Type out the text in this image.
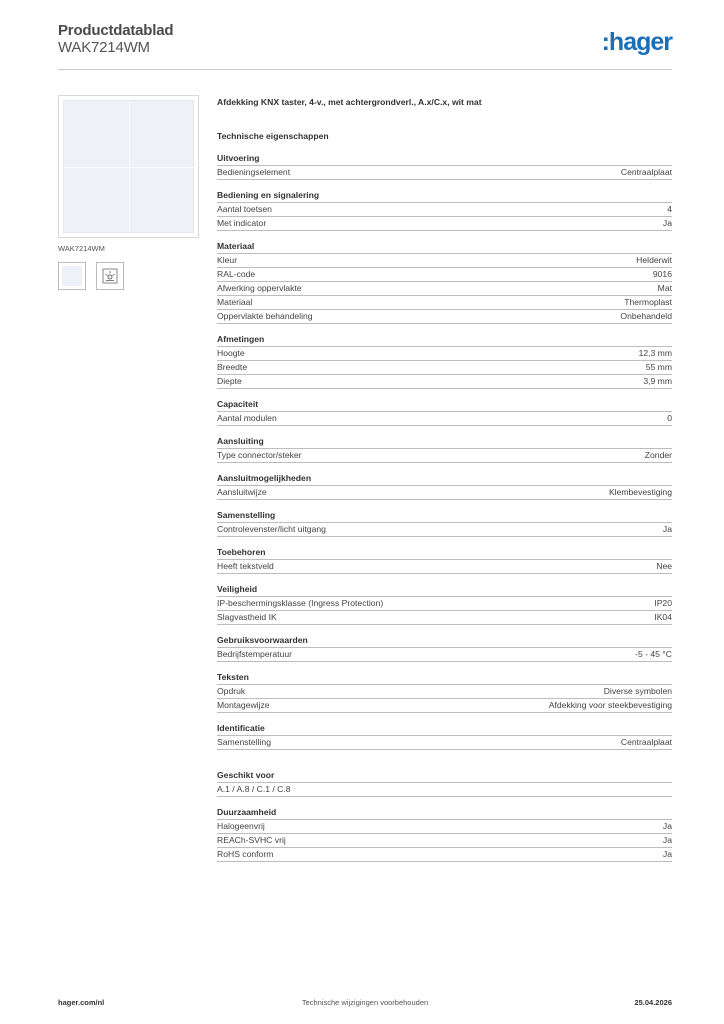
Productdatablad
WAK7214WM	:hager
WAK7214WM
Afdekking KNX taster, 4-v., met achtergrondverl., A.x/C.x, wit mat
Technische eigenschappen
Uitvoering
Bedieningselement	Centraalplaat
Bediening en signalering
Aantal toetsen	4
Met indicator	Ja
Materiaal
Kleur	Helderwit
RAL-code	9016
Afwerking oppervlakte	Mat
Materiaal	Thermoplast
Oppervlakte behandeling	Onbehandeld
Afmetingen
Hoogte	12,3 mm
Breedte	55 mm
Diepte	3,9 mm
Capaciteit
Aantal modulen	0
Aansluiting
Type connector/steker	Zonder
Aansluitmogelijkheden
Aansluitwijze	Klembevestiging
Samenstelling
Controlevenster/licht uitgang	Ja
Toebehoren
Heeft tekstveld	Nee
Veiligheid
IP-beschermingsklasse (Ingress Protection)	IP20
Slagvastheid IK	IK04
Gebruiksvoorwaarden
Bedrijfstemperatuur	-5 - 45 °C
Teksten
Opdruk	Diverse symbolen
Montagewijze	Afdekking voor steekbevestiging
Identificatie
Samenstelling	Centraalplaat
Geschikt voor
A.1 / A.8 / C.1 / C.8
Duurzaamheid
Halogeenvrij	Ja
REACh-SVHC vrij	Ja
RoHS conform	Ja
hager.com/nl	Technische wijzigingen voorbehouden	25.04.2026
